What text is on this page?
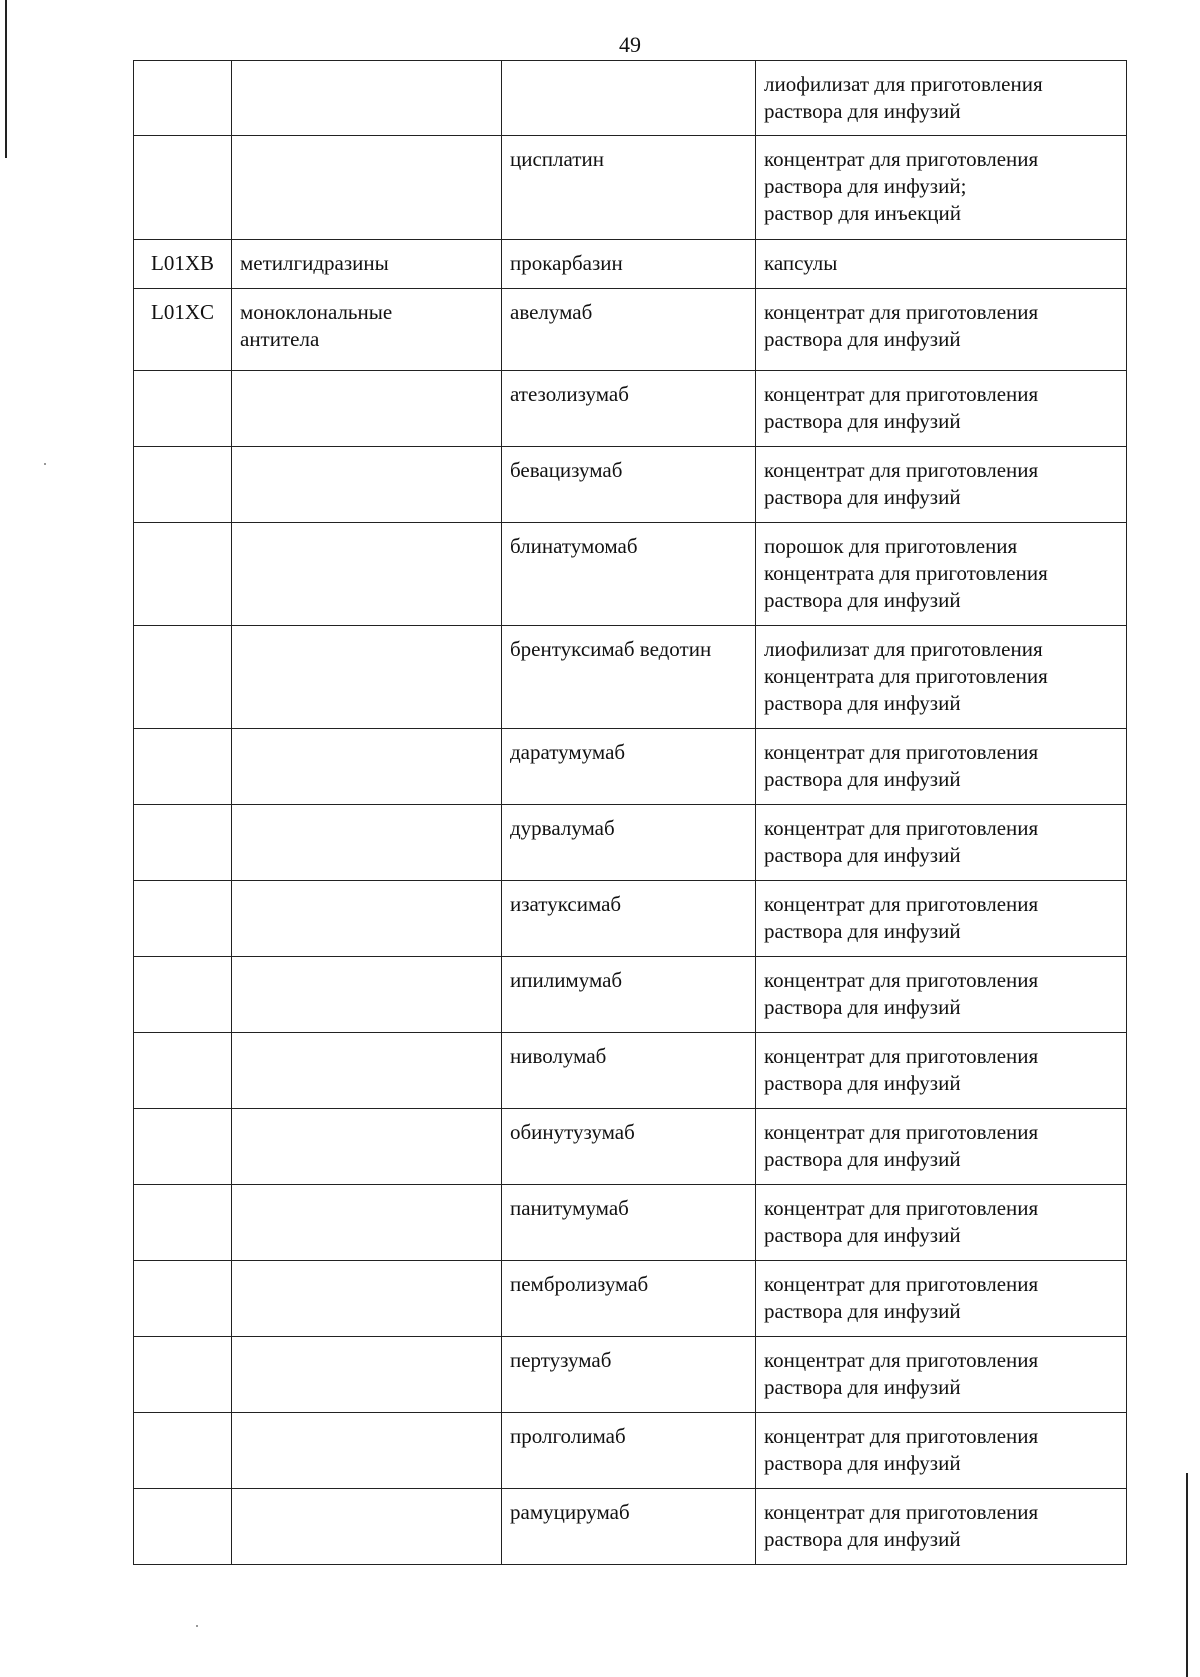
49

			лиофилизат для приготовления
раствора для инфузий

		цисплатин	концентрат для приготовления
раствора для инфузий;
раствор для инъекций

L01XB	метилгидразины	прокарбазин	капсулы

L01XC	моноклональные
антитела	авелумаб	концентрат для приготовления
раствора для инфузий

		атезолизумаб	концентрат для приготовления
раствора для инфузий

		бевацизумаб	концентрат для приготовления
раствора для инфузий

		блинатумомаб	порошок для приготовления
концентрата для приготовления
раствора для инфузий

		брентуксимаб ведотин	лиофилизат для приготовления
концентрата для приготовления
раствора для инфузий

		даратумумаб	концентрат для приготовления
раствора для инфузий

		дурвалумаб	концентрат для приготовления
раствора для инфузий

		изатуксимаб	концентрат для приготовления
раствора для инфузий

		ипилимумаб	концентрат для приготовления
раствора для инфузий

		ниволумаб	концентрат для приготовления
раствора для инфузий

		обинутузумаб	концентрат для приготовления
раствора для инфузий

		панитумумаб	концентрат для приготовления
раствора для инфузий

		пембролизумаб	концентрат для приготовления
раствора для инфузий

		пертузумаб	концентрат для приготовления
раствора для инфузий

		пролголимаб	концентрат для приготовления
раствора для инфузий

		рамуцирумаб	концентрат для приготовления
раствора для инфузий
